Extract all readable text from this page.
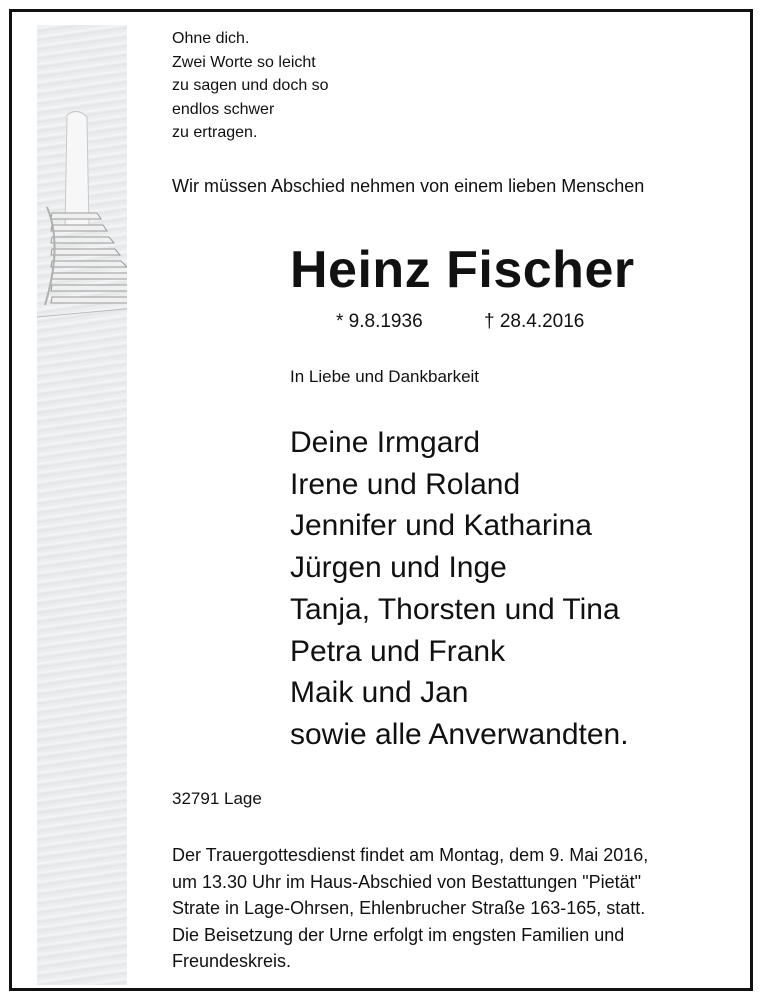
Ohne dich.
Zwei Worte so leicht
zu sagen und doch so
endlos schwer
zu ertragen.
Wir müssen Abschied nehmen von einem lieben Menschen
Heinz Fischer
* 9.8.1936	† 28.4.2016
In Liebe und Dankbarkeit
Deine Irmgard
Irene und Roland
Jennifer und Katharina
Jürgen und Inge
Tanja, Thorsten und Tina
Petra und Frank
Maik und Jan
sowie alle Anverwandten.
32791 Lage
Der Trauergottesdienst findet am Montag, dem 9. Mai 2016,
um 13.30 Uhr im Haus-Abschied von Bestattungen "Pietät"
Strate in Lage-Ohrsen, Ehlenbrucher Straße 163-165, statt.
Die Beisetzung der Urne erfolgt im engsten Familien und
Freundeskreis.
